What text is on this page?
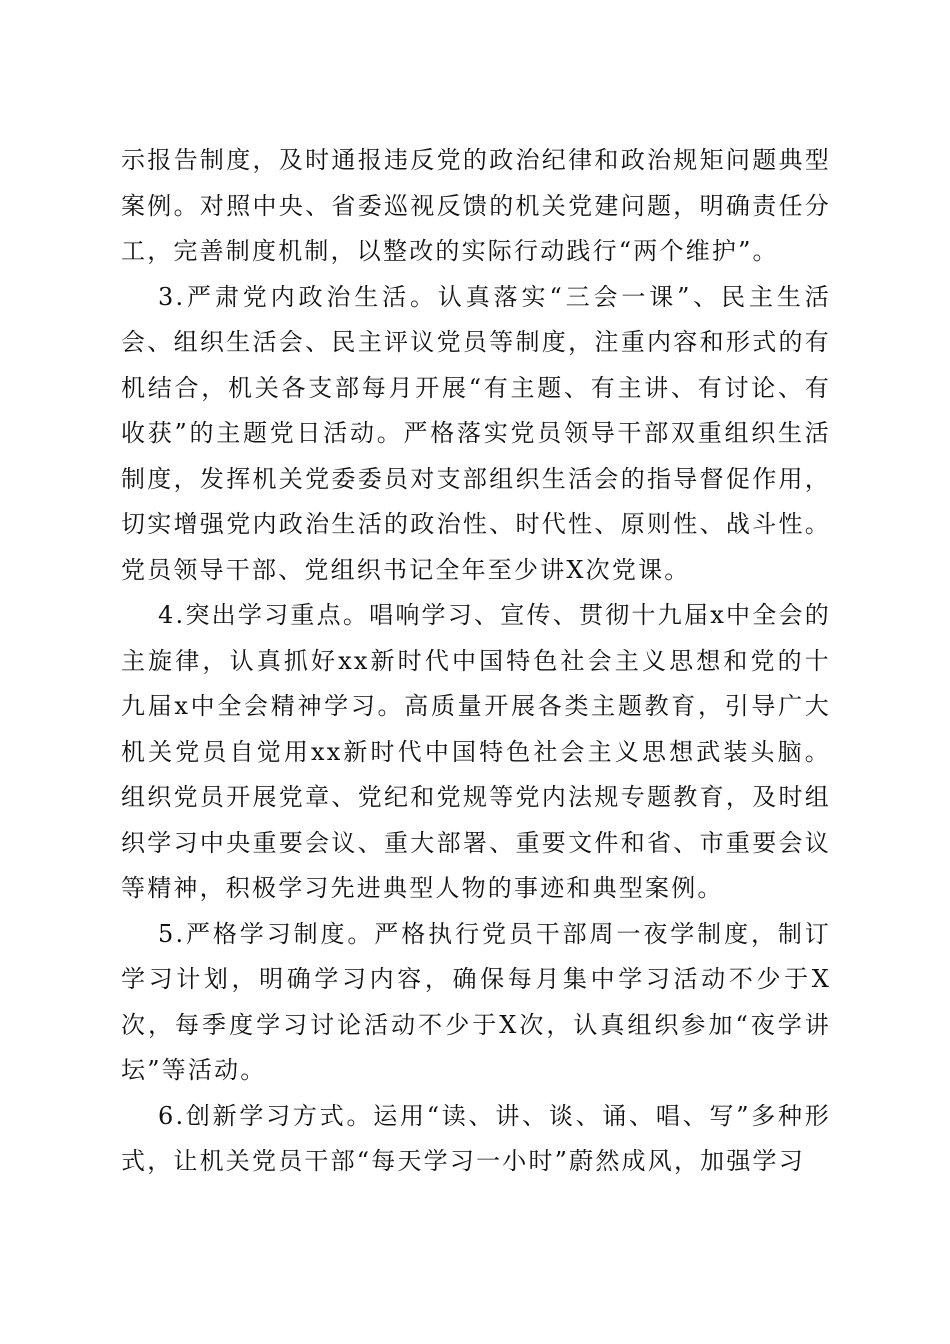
示报告制度，及时通报违反党的政治纪律和政治规矩问题典型案例。对照中央、省委巡视反馈的机关党建问题，明确责任分工，完善制度机制，以整改的实际行动践行“两个维护”。

3.严肃党内政治生活。认真落实“三会一课”、民主生活会、组织生活会、民主评议党员等制度，注重内容和形式的有机结合，机关各支部每月开展“有主题、有主讲、有讨论、有收获”的主题党日活动。严格落实党员领导干部双重组织生活制度，发挥机关党委委员对支部组织生活会的指导督促作用，切实增强党内政治生活的政治性、时代性、原则性、战斗性。党员领导干部、党组织书记全年至少讲X次党课。

4.突出学习重点。唱响学习、宣传、贯彻十九届x中全会的主旋律，认真抓好xx新时代中国特色社会主义思想和党的十九届x中全会精神学习。高质量开展各类主题教育，引导广大机关党员自觉用xx新时代中国特色社会主义思想武装头脑。组织党员开展党章、党纪和党规等党内法规专题教育，及时组织学习中央重要会议、重大部署、重要文件和省、市重要会议等精神，积极学习先进典型人物的事迹和典型案例。

5.严格学习制度。严格执行党员干部周一夜学制度，制订学习计划，明确学习内容，确保每月集中学习活动不少于X次，每季度学习讨论活动不少于X次，认真组织参加“夜学讲坛”等活动。

6.创新学习方式。运用“读、讲、谈、诵、唱、写”多种形式，让机关党员干部“每天学习一小时”蔚然成风，加强学习
